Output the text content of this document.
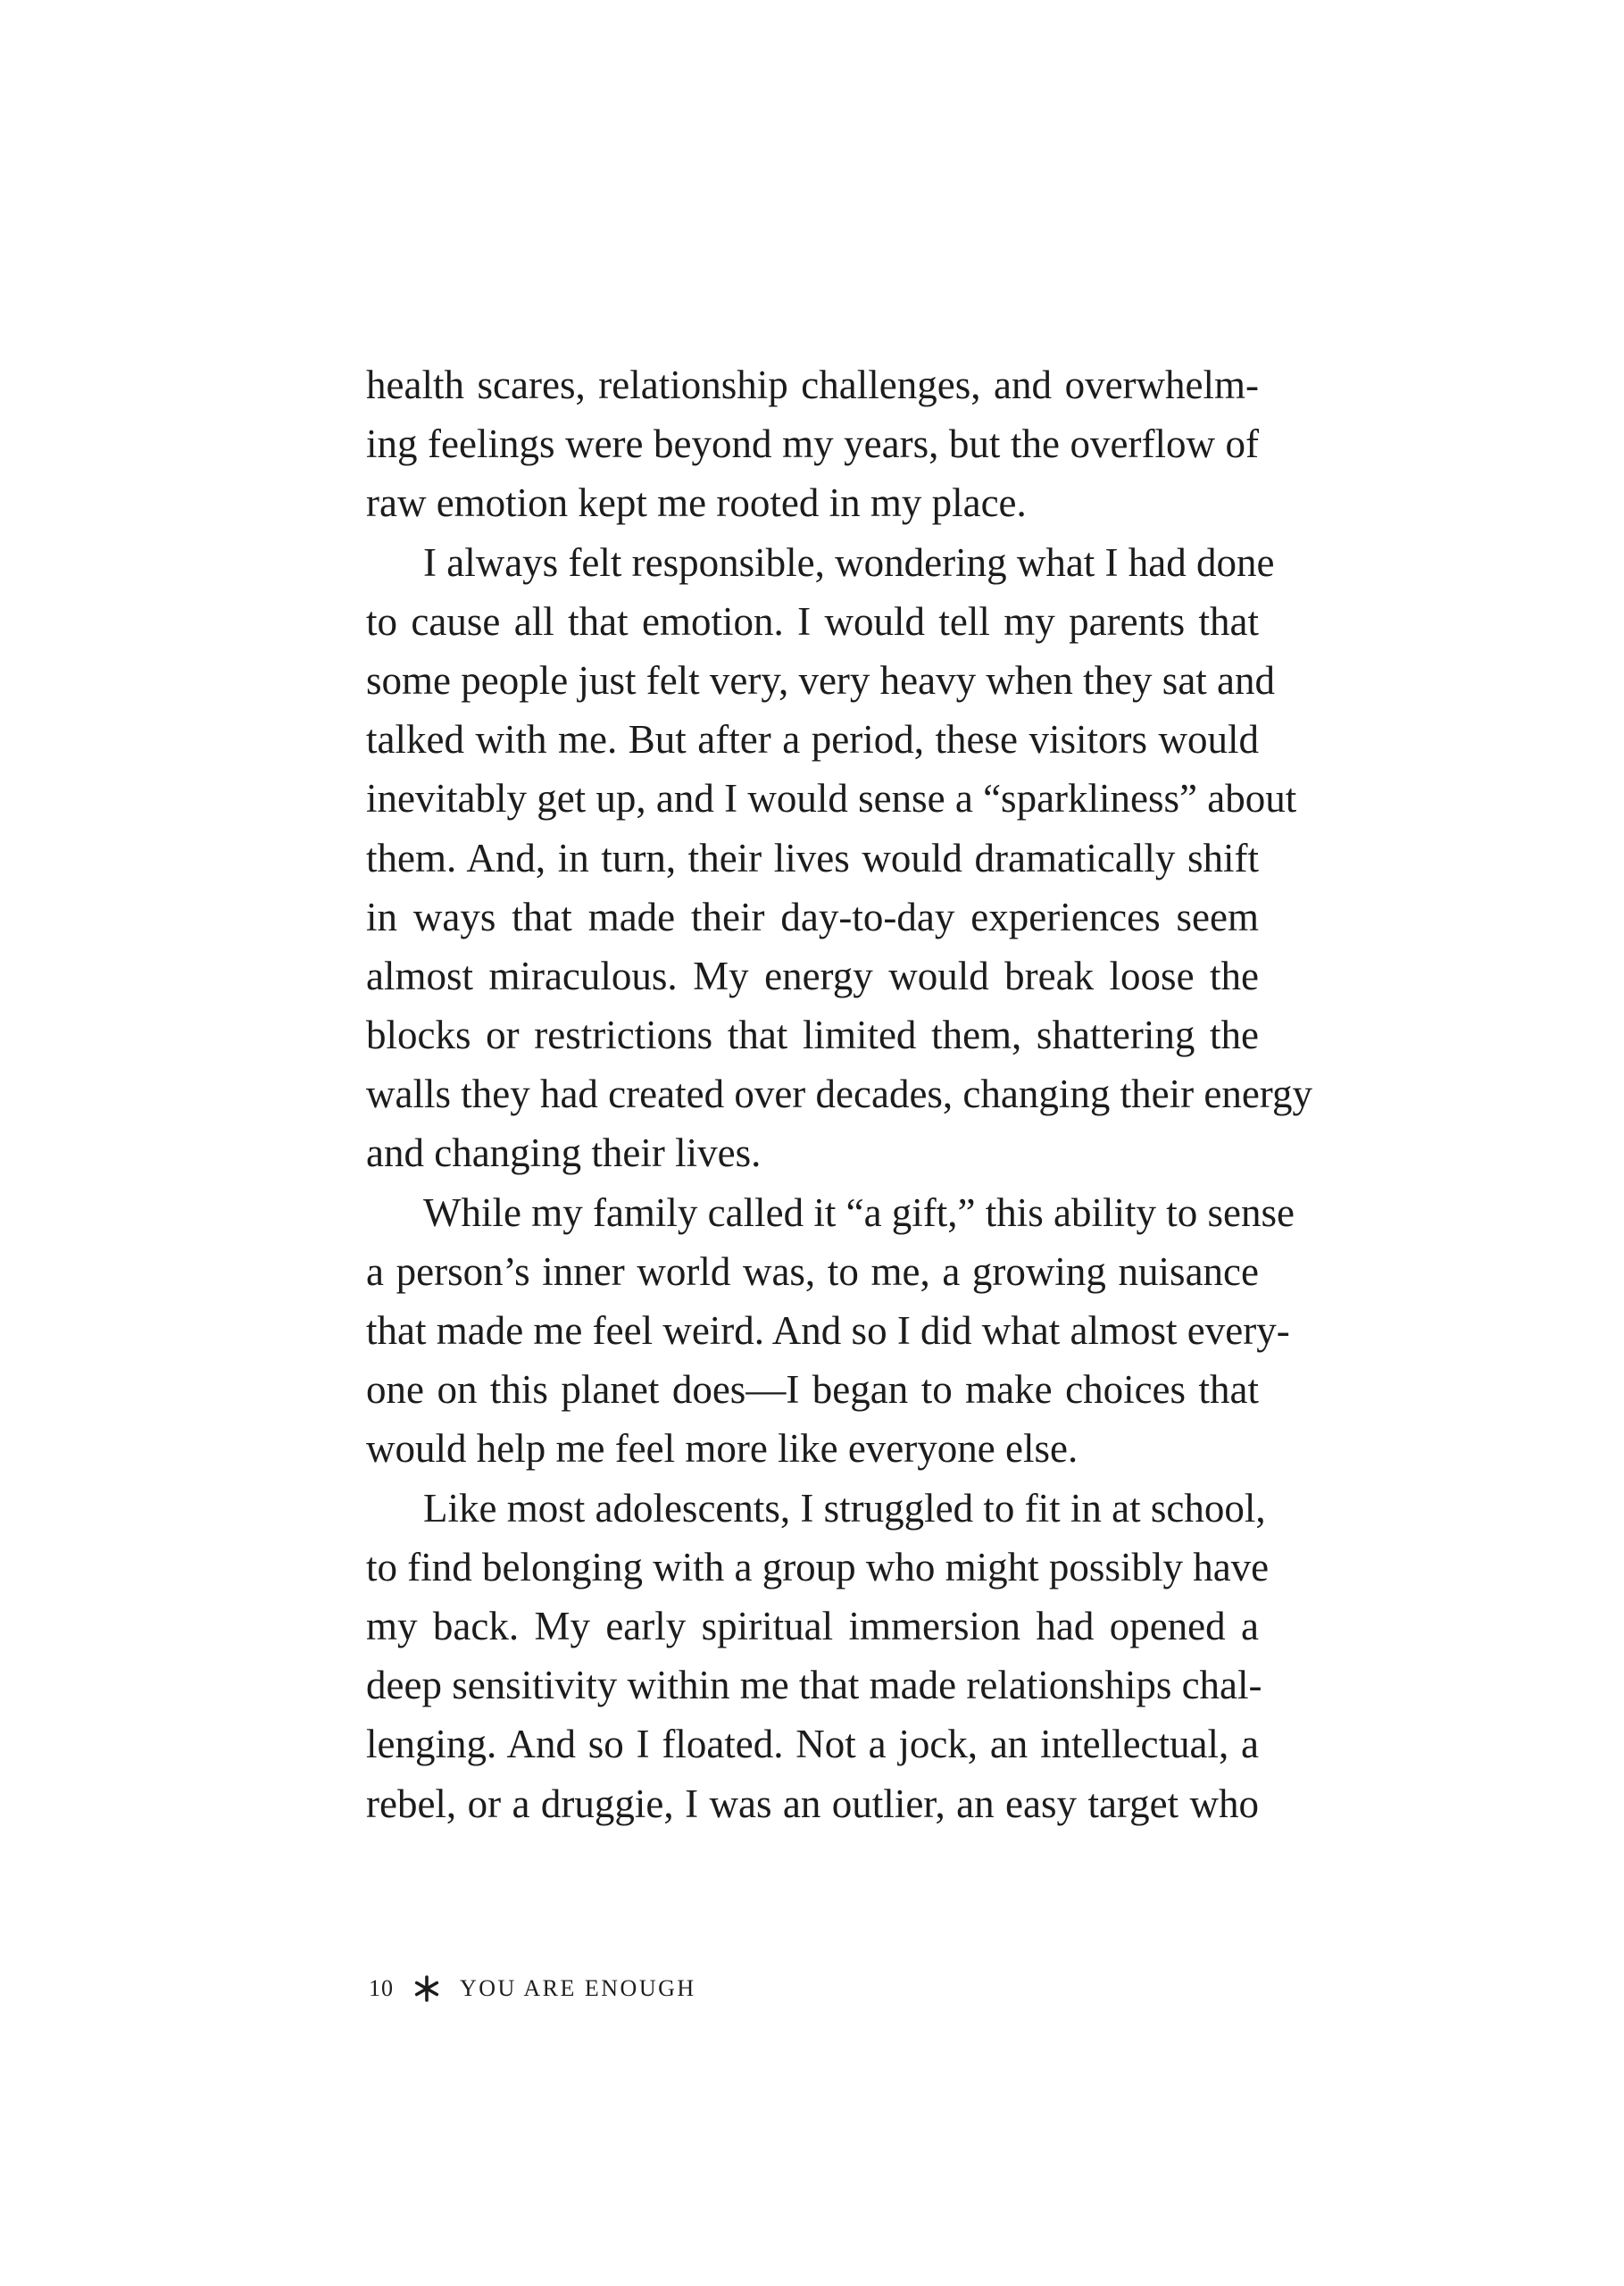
health scares, relationship challenges, and overwhelm-
ing feelings were beyond my years, but the overflow of
raw emotion kept me rooted in my place.
I always felt responsible, wondering what I had done
to cause all that emotion. I would tell my parents that
some people just felt very, very heavy when they sat and
talked with me. But after a period, these visitors would
inevitably get up, and I would sense a “sparkliness” about
them. And, in turn, their lives would dramatically shift
in ways that made their day-to-day experiences seem
almost miraculous. My energy would break loose the
blocks or restrictions that limited them, shattering the
walls they had created over decades, changing their energy
and changing their lives.
While my family called it “a gift,” this ability to sense
a person’s inner world was, to me, a growing nuisance
that made me feel weird. And so I did what almost every-
one on this planet does—I began to make choices that
would help me feel more like everyone else.
Like most adolescents, I struggled to fit in at school,
to find belonging with a group who might possibly have
my back. My early spiritual immersion had opened a
deep sensitivity within me that made relationships chal-
lenging. And so I floated. Not a jock, an intellectual, a
rebel, or a druggie, I was an outlier, an easy target who
10	YOU ARE ENOUGH
